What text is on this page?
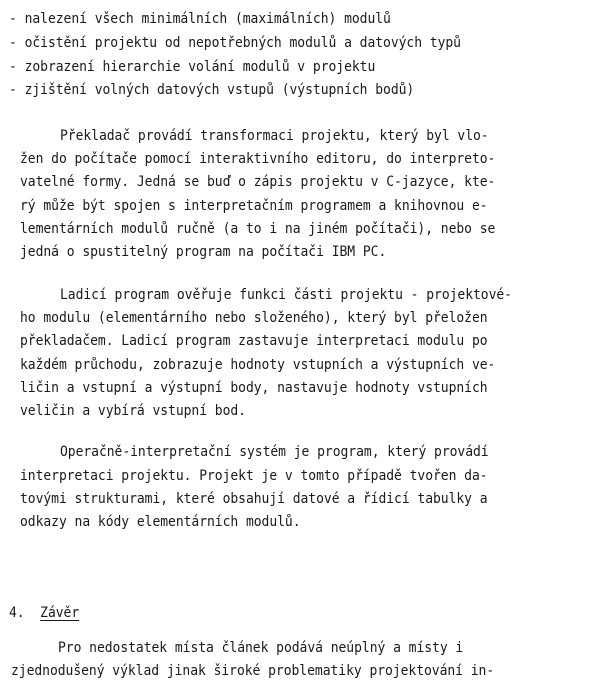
- nalezení všech minimálních (maximálních) modulů
- očistění projektu od nepotřebných modulů a datových typů
- zobrazení hierarchie volání modulů v projektu
- zjištění volných datových vstupů (výstupních bodů)
Překladač provádí transformaci projektu, který byl vlo-
žen do počítače pomocí interaktivního editoru, do interpreto-
vatelné formy. Jedná se buď o zápis projektu v C-jazyce, kte-
rý může být spojen s interpretačním programem a knihovnou e-
lementárních modulů ručně (a to i na jiném počítači), nebo se
jedná o spustitelný program na počítači IBM PC.
Ladicí program ověřuje funkci části projektu - projektové-
ho modulu (elementárního nebo složeného), který byl přeložen
překladačem. Ladicí program zastavuje interpretaci modulu po
každém průchodu, zobrazuje hodnoty vstupních a výstupních ve-
ličin a vstupní a výstupní body, nastavuje hodnoty vstupních
veličin a vybírá vstupní bod.
Operačně-interpretační systém je program, který provádí
interpretaci projektu. Projekt je v tomto případě tvořen da-
tovými strukturami, které obsahují datové a řídicí tabulky a
odkazy na kódy elementárních modulů.
4. Závěr
Pro nedostatek místa článek podává neúplný a místy i
zjednodušený výklad jinak široké problematiky projektování in-
